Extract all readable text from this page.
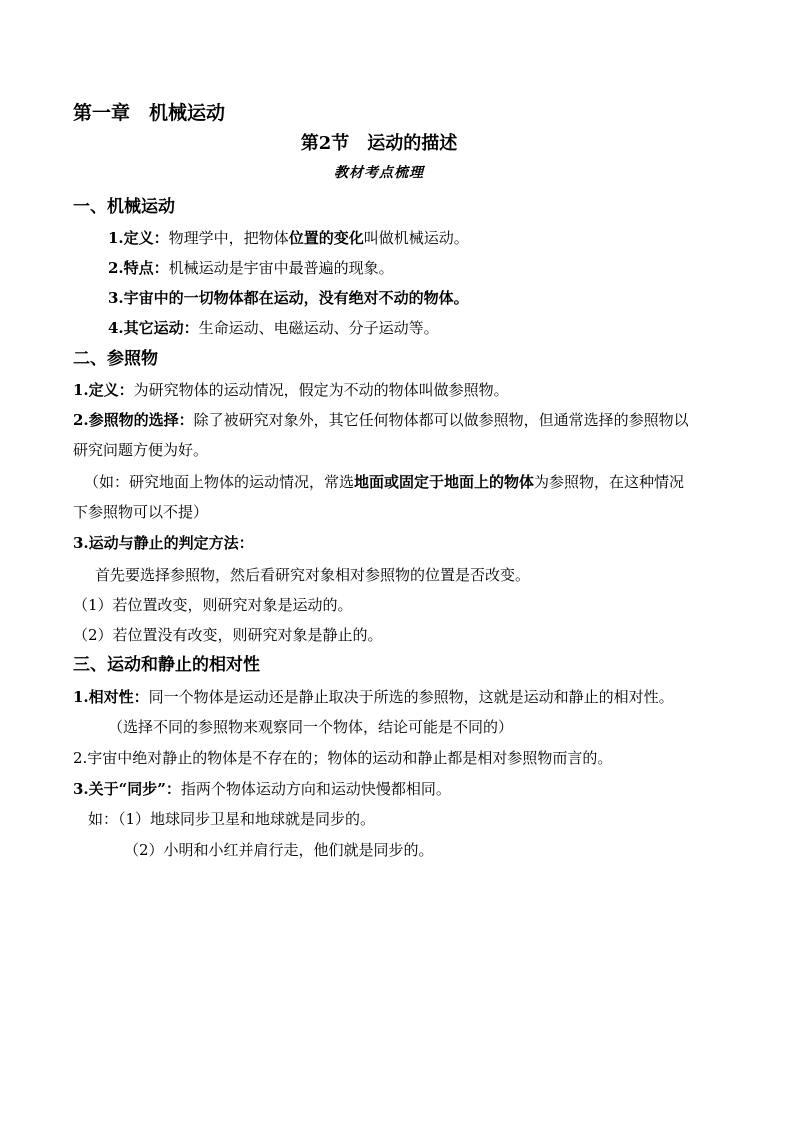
第一章　机械运动
第2节　运动的描述
教材考点梳理
一、机械运动
1.定义：物理学中，把物体位置的变化叫做机械运动。
2.特点：机械运动是宇宙中最普遍的现象。
3.宇宙中的一切物体都在运动，没有绝对不动的物体。
4.其它运动：生命运动、电磁运动、分子运动等。
二、参照物
1.定义：为研究物体的运动情况，假定为不动的物体叫做参照物。
2.参照物的选择：除了被研究对象外，其它任何物体都可以做参照物，但通常选择的参照物以
研究问题方便为好。
（如：研究地面上物体的运动情况，常选地面或固定于地面上的物体为参照物，在这种情况
下参照物可以不提）
3.运动与静止的判定方法：
首先要选择参照物，然后看研究对象相对参照物的位置是否改变。
（1）若位置改变，则研究对象是运动的。
（2）若位置没有改变，则研究对象是静止的。
三、运动和静止的相对性
1.相对性：同一个物体是运动还是静止取决于所选的参照物，这就是运动和静止的相对性。
（选择不同的参照物来观察同一个物体，结论可能是不同的）
2.宇宙中绝对静止的物体是不存在的；物体的运动和静止都是相对参照物而言的。
3.关于“同步”：指两个物体运动方向和运动快慢都相同。
如：（1）地球同步卫星和地球就是同步的。
（2）小明和小红并肩行走，他们就是同步的。
